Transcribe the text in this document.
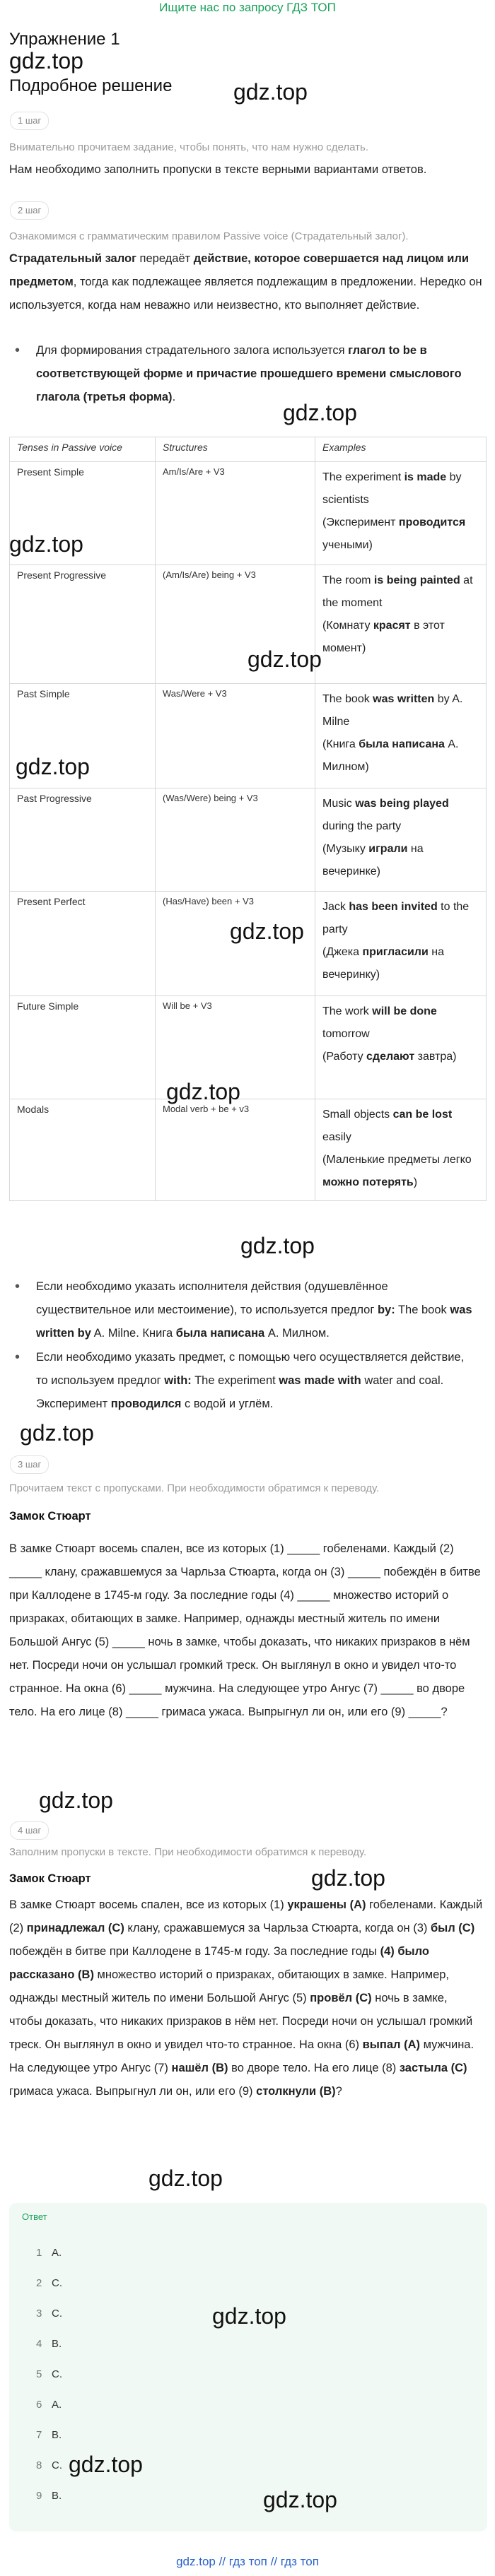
Ищите нас по запросу ГДЗ ТОП
Упражнение 1
gdz.top
Подробное решение	gdz.top
1 шаг
Внимательно прочитаем задание, чтобы понять, что нам нужно сделать.
Нам необходимо заполнить пропуски в тексте верными вариантами ответов.
2 шаг
Ознакомимся с грамматическим правилом Passive voice (Страдательный залог).
Страдательный залог передаёт действие, которое совершается над лицом или предметом, тогда как подлежащее является подлежащим в предложении. Нередко он используется, когда нам неважно или неизвестно, кто выполняет действие.
• Для формирования страдательного залога используется глагол to be в соответствующей форме и причастие прошедшего времени смыслового глагола (третья форма).
gdz.top
Tenses in Passive voice	Structures	Examples
Present Simple	Am/Is/Are + V3	The experiment is made by scientists
(Эксперимент проводится учеными)
Present Progressive	(Am/Is/Are) being + V3	The room is being painted at the moment
(Комнату красят в этот момент)
Past Simple	Was/Were + V3	The book was written by A. Milne
(Книга была написана А. Милном)
Past Progressive	(Was/Were) being + V3	Music was being played during the party
(Музыку играли на вечеринке)
Present Perfect	(Has/Have) been + V3	Jack has been invited to the party
(Джека пригласили на вечеринку)
Future Simple	Will be + V3	The work will be done tomorrow
(Работу сделают завтра)
Modals	Modal verb + be + v3	Small objects can be lost easily
(Маленькие предметы легко можно потерять)
gdz.top
gdz.top
gdz.top
gdz.top
gdz.top
gdz.top
• Если необходимо указать исполнителя действия (одушевлённое существительное или местоимение), то используется предлог by: The book was written by A. Milne. Книга была написана А. Милном.
• Если необходимо указать предмет, с помощью чего осуществляется действие, то используем предлог with: The experiment was made with water and coal. Эксперимент проводился с водой и углём.
gdz.top
3 шаг
Прочитаем текст с пропусками. При необходимости обратимся к переводу.
Замок Стюарт
В замке Стюарт восемь спален, все из которых (1) _____ гобеленами. Каждый (2) _____ клану, сражавшемуся за Чарльза Стюарта, когда он (3) _____ побеждён в битве при Каллодене в 1745-м году. За последние годы (4) _____ множество историй о призраках, обитающих в замке. Например, однажды местный житель по имени Большой Ангус (5) _____ ночь в замке, чтобы доказать, что никаких призраков в нём нет. Посреди ночи он услышал громкий треск. Он выглянул в окно и увидел что-то странное. На окна (6) _____ мужчина. На следующее утро Ангус (7) _____ во дворе тело. На его лице (8) _____ гримаса ужаса. Выпрыгнул ли он, или его (9) _____?
gdz.top
4 шаг
Заполним пропуски в тексте. При необходимости обратимся к переводу.
Замок Стюарт	gdz.top
В замке Стюарт восемь спален, все из которых (1) украшены (А) гобеленами. Каждый (2) принадлежал (С) клану, сражавшемуся за Чарльза Стюарта, когда он (3) был (С) побеждён в битве при Каллодене в 1745-м году. За последние годы (4) было рассказано (В) множество историй о призраках, обитающих в замке. Например, однажды местный житель по имени Большой Ангус (5) провёл (С) ночь в замке, чтобы доказать, что никаких призраков в нём нет. Посреди ночи он услышал громкий треск. Он выглянул в окно и увидел что-то странное. На окна (6) выпал (А) мужчина. На следующее утро Ангус (7) нашёл (В) во дворе тело. На его лице (8) застыла (С) гримаса ужаса. Выпрыгнул ли он, или его (9) столкнули (В)?
gdz.top
Ответ
1 A.
2 C.
3 C.
4 B.
5 C.
6 A.
7 B.
8 C.
9 B.
gdz.top
gdz.top
gdz.top
gdz.top // гдз топ // гдз топ
